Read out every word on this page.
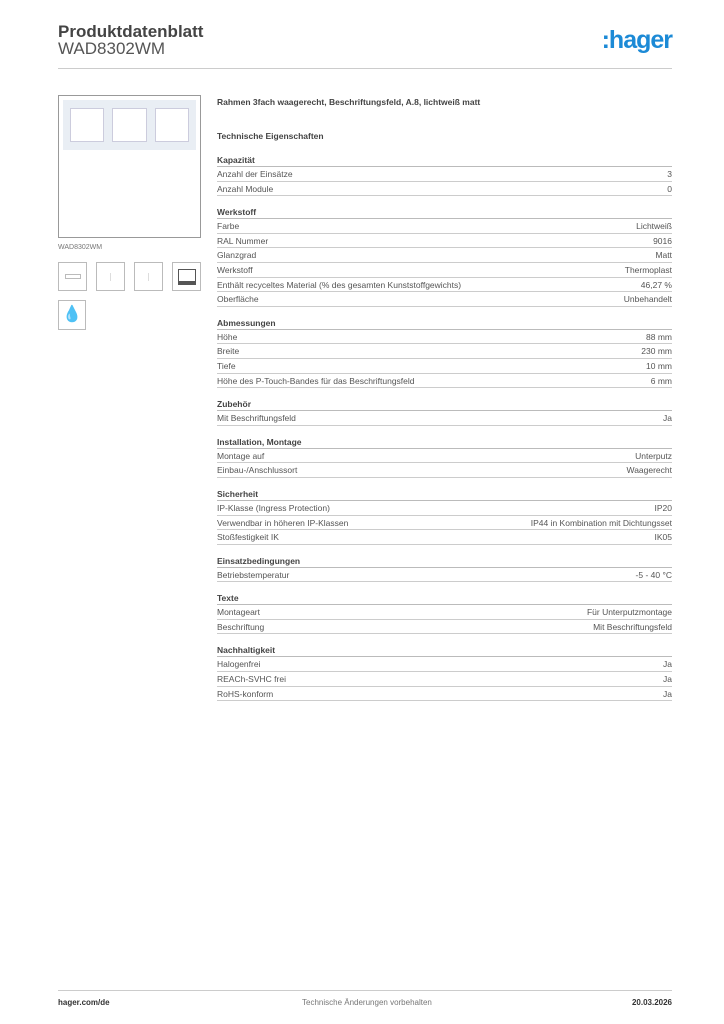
Produktdatenblatt
WAD8302WM	:hager
WAD8302WM
💧
Rahmen 3fach waagerecht, Beschriftungsfeld, A.8, lichtweiß matt
Technische Eigenschaften
Kapazität
Anzahl der Einsätze	3
Anzahl Module	0
Werkstoff
Farbe	Lichtweiß
RAL Nummer	9016
Glanzgrad	Matt
Werkstoff	Thermoplast
Enthält recyceltes Material (% des gesamten Kunststoffgewichts)	46,27 %
Oberfläche	Unbehandelt
Abmessungen
Höhe	88 mm
Breite	230 mm
Tiefe	10 mm
Höhe des P-Touch-Bandes für das Beschriftungsfeld	6 mm
Zubehör
Mit Beschriftungsfeld	Ja
Installation, Montage
Montage auf	Unterputz
Einbau-/Anschlussort	Waagerecht
Sicherheit
IP-Klasse (Ingress Protection)	IP20
Verwendbar in höheren IP-Klassen	IP44 in Kombination mit Dichtungsset
Stoßfestigkeit IK	IK05
Einsatzbedingungen
Betriebstemperatur	-5 - 40 °C
Texte
Montageart	Für Unterputzmontage
Beschriftung	Mit Beschriftungsfeld
Nachhaltigkeit
Halogenfrei	Ja
REACh-SVHC frei	Ja
RoHS-konform	Ja
hager.com/de	Technische Änderungen vorbehalten	20.03.2026
